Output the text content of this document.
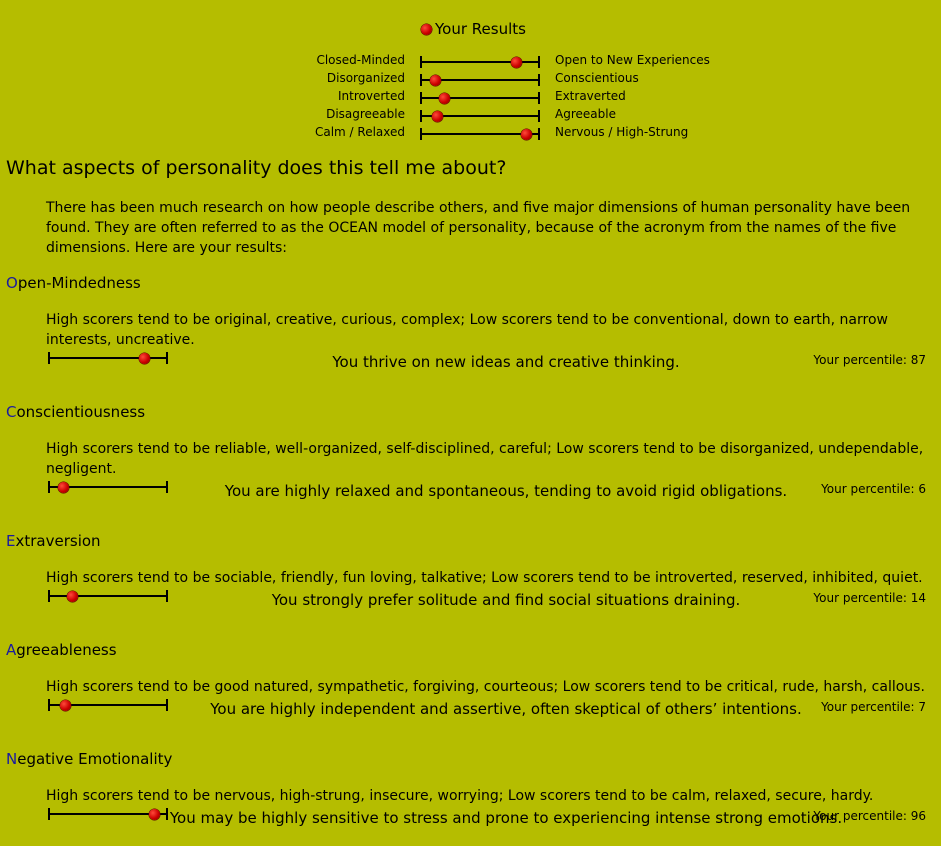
Your Results
Closed-Minded	Open to New Experiences
Disorganized	Conscientious
Introverted	Extraverted
Disagreeable	Agreeable
Calm / Relaxed	Nervous / High-Strung
What aspects of personality does this tell me about?
There has been much research on how people describe others, and five major dimensions of human personality have been found. They are often referred to as the OCEAN model of personality, because of the acronym from the names of the five dimensions. Here are your results:
Open-Mindedness
High scorers tend to be original, creative, curious, complex; Low scorers tend to be conventional, down to earth, narrow interests, uncreative.
You thrive on new ideas and creative thinking.	Your percentile: 87
Conscientiousness
High scorers tend to be reliable, well-organized, self-disciplined, careful; Low scorers tend to be disorganized, undependable, negligent.
You are highly relaxed and spontaneous, tending to avoid rigid obligations.	Your percentile: 6
Extraversion
High scorers tend to be sociable, friendly, fun loving, talkative; Low scorers tend to be introverted, reserved, inhibited, quiet.
You strongly prefer solitude and find social situations draining.	Your percentile: 14
Agreeableness
High scorers tend to be good natured, sympathetic, forgiving, courteous; Low scorers tend to be critical, rude, harsh, callous.
You are highly independent and assertive, often skeptical of others’ intentions. Your percentile: 7
Negative Emotionality
High scorers tend to be nervous, high-strung, insecure, worrying; Low scorers tend to be calm, relaxed, secure, hardy.
You may be highly sensitive to stress and prone to experiencing intense strong emotions.
Your percentile: 96
